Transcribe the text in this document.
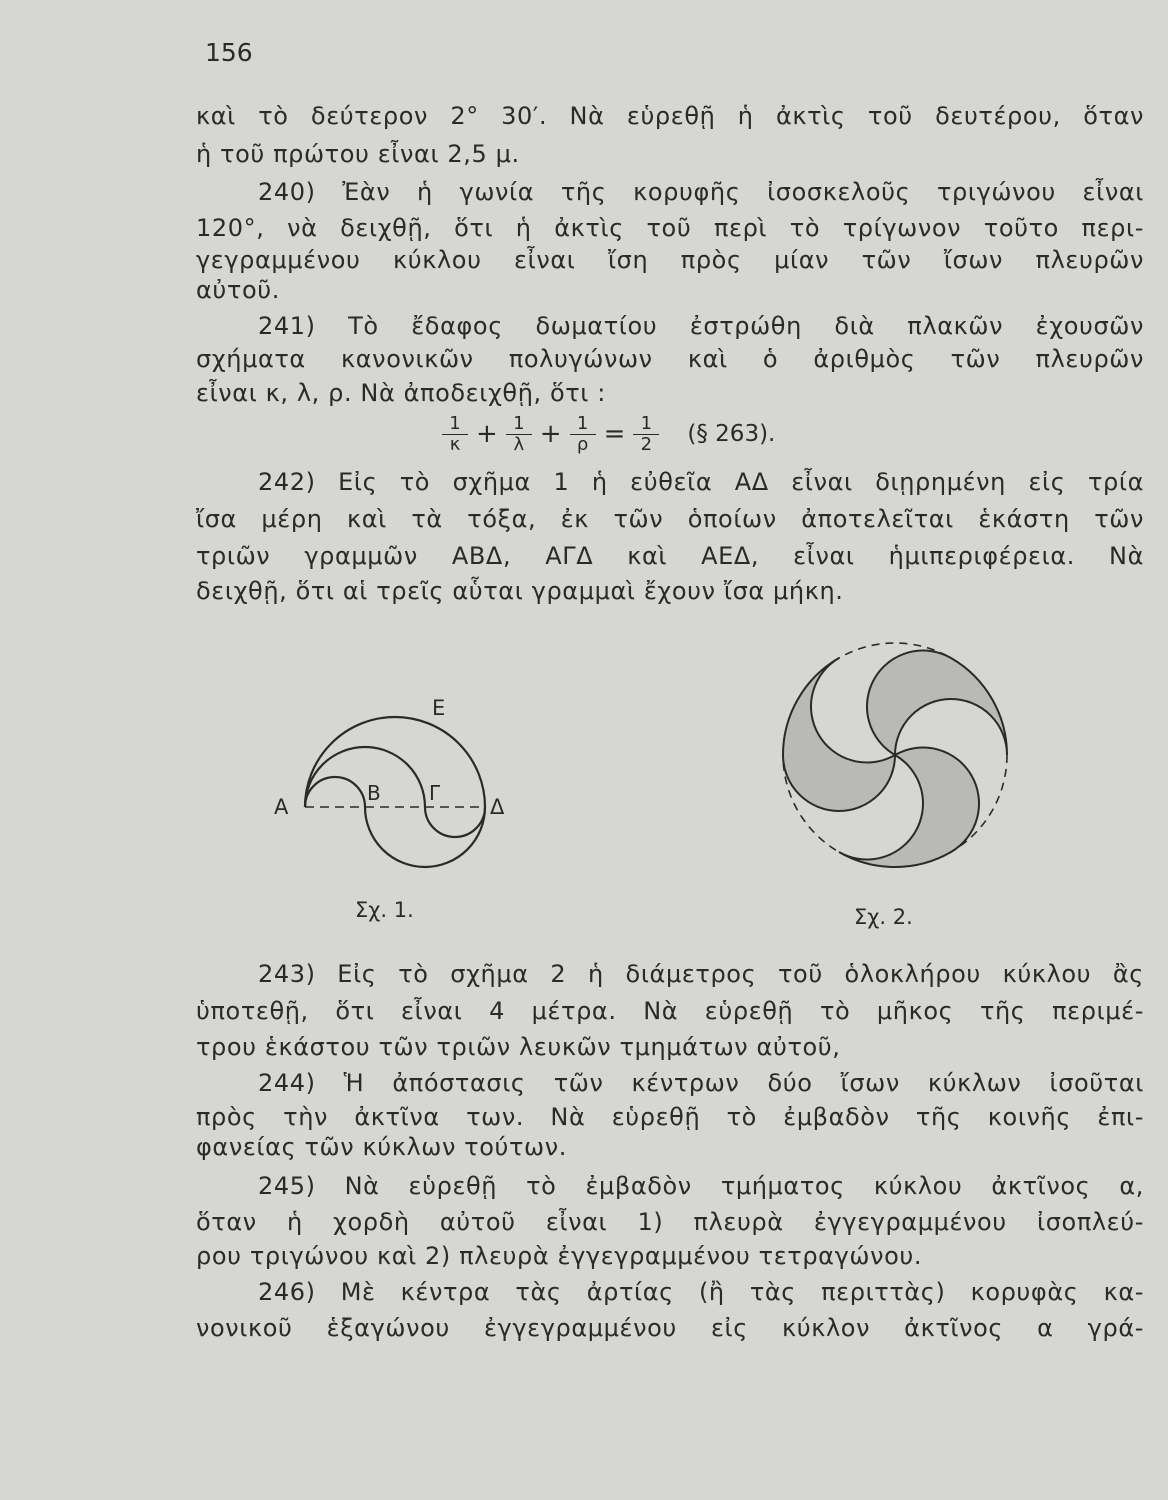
156
καὶ τὸ δεύτερον 2° 30′. Νὰ εὑρεθῇ ἡ ἀκτὶς τοῦ δευτέρου, ὅταν
ἡ τοῦ πρώτου εἶναι 2,5 μ.
240) Ἐὰν ἡ γωνία τῆς κορυφῆς ἰσοσκελοῦς τριγώνου εἶναι
120°, νὰ δειχθῇ, ὅτι ἡ ἀκτὶς τοῦ περὶ τὸ τρίγωνον τοῦτο περι-
γεγραμμένου κύκλου εἶναι ἴση πρὸς μίαν τῶν ἴσων πλευρῶν
αὐτοῦ.
241) Τὸ ἔδαφος δωματίου ἐστρώθη διὰ πλακῶν ἐχουσῶν
σχήματα κανονικῶν πολυγώνων καὶ ὁ ἀριθμὸς τῶν πλευρῶν
εἶναι κ, λ, ρ. Νὰ ἀποδειχθῇ, ὅτι :
$\frac{1}{\kappa} + \frac{1}{\lambda} + \frac{1}{\rho} = \frac{1}{2}$ (§ 263).
242) Εἰς τὸ σχῆμα 1 ἡ εὐθεῖα ΑΔ εἶναι διῃρημένη εἰς τρία
ἴσα μέρη καὶ τὰ τόξα, ἐκ τῶν ὁποίων ἀποτελεῖται ἑκάστη τῶν
τριῶν γραμμῶν ΑΒΔ, ΑΓΔ καὶ ΑΕΔ, εἶναι ἡμιπεριφέρεια. Νὰ
δειχθῇ, ὅτι αἱ τρεῖς αὗται γραμμαὶ ἔχουν ἴσα μήκη.
Α
Β Γ
Δ
Ε
Σχ. 1.	Σχ. 2.
243) Εἰς τὸ σχῆμα 2 ἡ διάμετρος τοῦ ὁλοκλήρου κύκλου ἂς
ὑποτεθῇ, ὅτι εἶναι 4 μέτρα. Νὰ εὑρεθῇ τὸ μῆκος τῆς περιμέ-
τρου ἑκάστου τῶν τριῶν λευκῶν τμημάτων αὐτοῦ,
244) Ἡ ἀπόστασις τῶν κέντρων δύο ἴσων κύκλων ἰσοῦται
πρὸς τὴν ἀκτῖνα των. Νὰ εὑρεθῇ τὸ ἐμβαδὸν τῆς κοινῆς ἐπι-
φανείας τῶν κύκλων τούτων.
245) Νὰ εὑρεθῇ τὸ ἐμβαδὸν τμήματος κύκλου ἀκτῖνος α,
ὅταν ἡ χορδὴ αὐτοῦ εἶναι 1) πλευρὰ ἐγγεγραμμένου ἰσοπλεύ-
ρου τριγώνου καὶ 2) πλευρὰ ἐγγεγραμμένου τετραγώνου.
246) Μὲ κέντρα τὰς ἀρτίας (ἢ τὰς περιττὰς) κορυφὰς κα-
νονικοῦ ἑξαγώνου ἐγγεγραμμένου εἰς κύκλον ἀκτῖνος α γρά-
